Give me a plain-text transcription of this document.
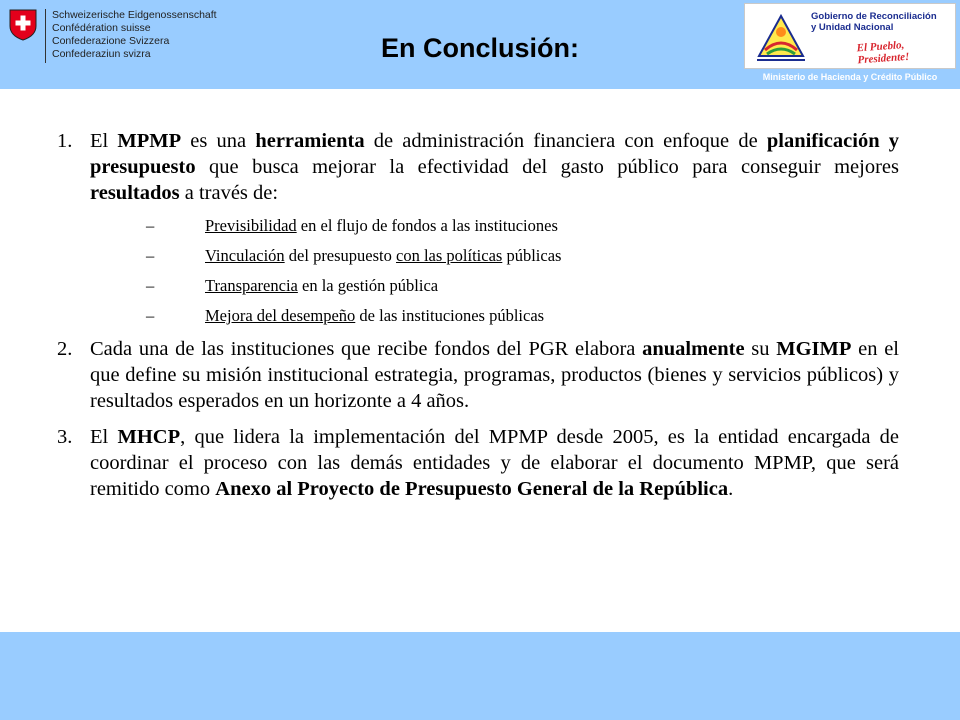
Schweizerische Eidgenossenschaft
Confédération suisse
Confederazione Svizzera
Confederaziun svizra	En Conclusión:
Gobierno de Reconciliación
y Unidad Nacional
El Pueblo, Presidente!
Ministerio de Hacienda y Crédito Público
1. El MPMP es una herramienta de administración financiera con enfoque de planificación y presupuesto que busca mejorar la efectividad del gasto público para conseguir mejores resultados a través de:
–	Previsibilidad en el flujo de fondos a las instituciones
–	Vinculación del presupuesto con las políticas públicas
–	Transparencia en la gestión pública
–	Mejora del desempeño de las instituciones públicas
2. Cada una de las instituciones que recibe fondos del PGR elabora anualmente su MGIMP en el que define su misión institucional estrategia, programas, productos (bienes y servicios públicos) y resultados esperados en un horizonte a 4 años.
3. El MHCP, que lidera la implementación del MPMP desde 2005, es la entidad encargada de coordinar el proceso con las demás entidades y de elaborar el documento MPMP, que será remitido como Anexo al Proyecto de Presupuesto General de la República.
